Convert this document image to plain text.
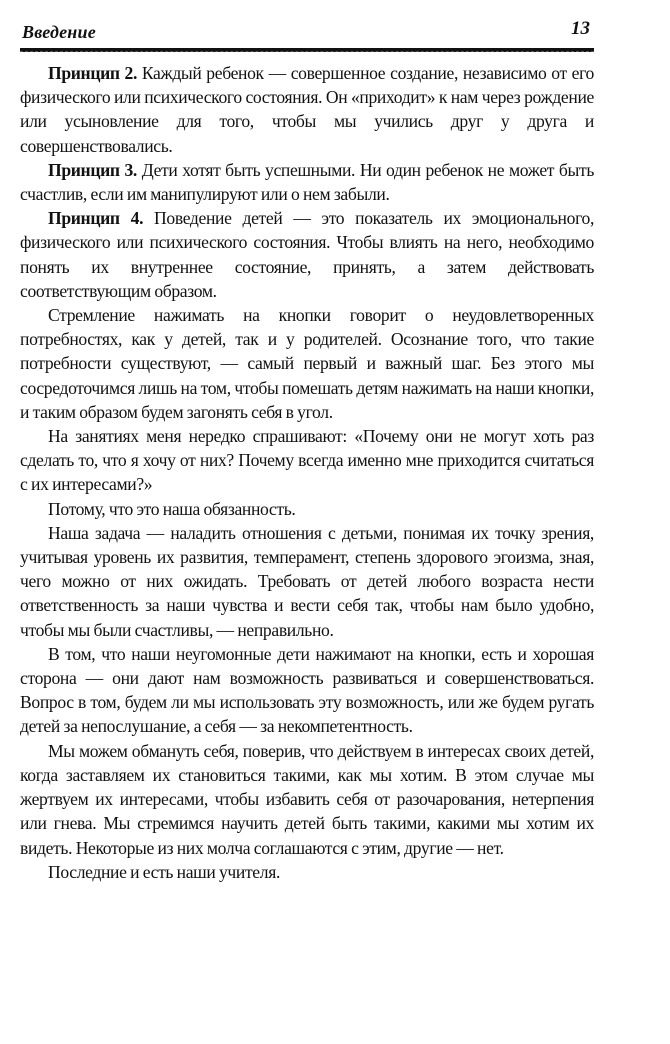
Введение	13

Принцип 2. Каждый ребенок — совершенное создание, независимо от его физического или психического состояния. Он «приходит» к нам через рождение или усыновление для того, чтобы мы учились друг у друга и совершенствовались.

Принцип 3. Дети хотят быть успешными. Ни один ребенок не может быть счастлив, если им манипулируют или о нем забыли.

Принцип 4. Поведение детей — это показатель их эмоционального, физического или психического состояния. Чтобы влиять на него, необходимо понять их внутреннее состояние, принять, а затем действовать соответствующим образом.

Стремление нажимать на кнопки говорит о неудовлетворенных потребностях, как у детей, так и у родителей. Осознание того, что такие потребности существуют, — самый первый и важный шаг. Без этого мы сосредоточимся лишь на том, чтобы помешать детям нажимать на наши кнопки, и таким образом будем загонять себя в угол.

На занятиях меня нередко спрашивают: «Почему они не могут хоть раз сделать то, что я хочу от них? Почему всегда именно мне приходится считаться с их интересами?»

Потому, что это наша обязанность.

Наша задача — наладить отношения с детьми, понимая их точку зрения, учитывая уровень их развития, темперамент, степень здорового эгоизма, зная, чего можно от них ожидать. Требовать от детей любого возраста нести ответственность за наши чувства и вести себя так, чтобы нам было удобно, чтобы мы были счастливы, — неправильно.

В том, что наши неугомонные дети нажимают на кнопки, есть и хорошая сторона — они дают нам возможность развиваться и совершенствоваться. Вопрос в том, будем ли мы использовать эту возможность, или же будем ругать детей за непослушание, а себя — за некомпетентность.

Мы можем обмануть себя, поверив, что действуем в интересах своих детей, когда заставляем их становиться такими, как мы хотим. В этом случае мы жертвуем их интересами, чтобы избавить себя от разочарования, нетерпения или гнева. Мы стремимся научить детей быть такими, какими мы хотим их видеть. Некоторые из них молча соглашаются с этим, другие — нет.

Последние и есть наши учителя.
